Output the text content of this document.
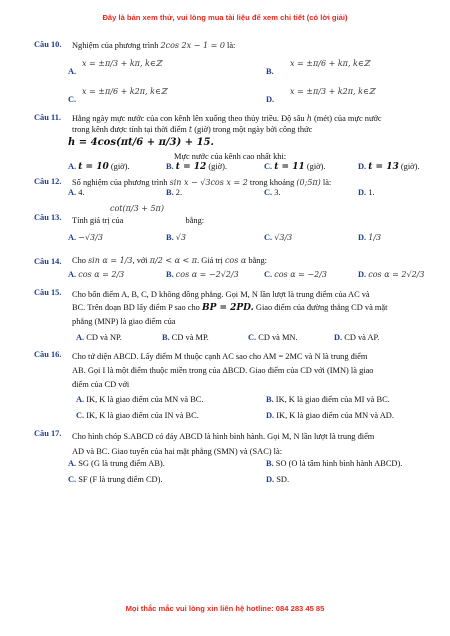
Đây là bản xem thử, vui lòng mua tài liệu để xem chi tiết (có lời giải)
Câu 10. Nghiệm của phương trình 2cos 2x − 1 = 0 là:
A.
x = ±π/3 + kπ, k∈ℤ
B.
x = ±π/6 + kπ, k∈ℤ
C.
x = ±π/6 + k2π, k∈ℤ
D.
x = ±π/3 + k2π, k∈ℤ
Câu 11. Hằng ngày mực nước của con kênh lên xuống theo thủy triều. Độ sâu h (mét) của mực nước
trong kênh được tính tại thời điểm t (giờ) trong một ngày bởi công thức
h = 4cos(πt/6 + π/3) + 15.
Mực nước của kênh cao nhất khi:
A. t = 10 (giờ).	B. t = 12 (giờ).	C. t = 11 (giờ).	D. t = 13 (giờ).
Câu 12. Số nghiệm của phương trình sin x − √3cos x = 2 trong khoảng (0;5π) là:
A. 4.	B. 2.	C. 3.	D. 1.
Câu 13.
cot(π/3 + 5π)
Tính giá trị của	bằng:
A. −√3/3	B. √3	C. √3/3	D. 1/3
Câu 14. Cho sin α = 1/3, với π/2 < α < π. Giá trị cos α bằng:
A. cos α = 2/3	B. cos α = −2√2/3	C. cos α = −2/3	D. cos α = 2√2/3
Câu 15. Cho bốn điểm A, B, C, D không đồng phẳng. Gọi M, N lần lượt là trung điểm của AC và
BC. Trên đoạn BD lấy điểm P sao cho BP = 2PD. Giao điểm của đường thẳng CD và mặt
phẳng (MNP) là giao điểm của
A. CD và NP.	B. CD và MP.	C. CD và MN.	D. CD và AP.
Câu 16. Cho tứ diện ABCD. Lấy điểm M thuộc cạnh AC sao cho AM = 2MC và N là trung điểm
AB. Gọi I là một điểm thuộc miền trong của ΔBCD. Giao điểm của CD với (IMN) là giao
điểm của CD với
A. IK, K là giao điểm của MN và BC.	B. IK, K là giao điểm của MI và BC.
C. IK, K là giao điểm của IN và BC.	D. IK, K là giao điểm của MN và AD.
Câu 17. Cho hình chóp S.ABCD có đáy ABCD là hình bình hành. Gọi M, N lần lượt là trung điểm
AD và BC. Giao tuyến của hai mặt phẳng (SMN) và (SAC) là:
A. SG (G là trung điểm AB).	B. SO (O là tâm hình bình hành ABCD).
C. SF (F là trung điểm CD).	D. SD.
Mọi thắc mắc vui lòng xin liên hệ hotline: 084 283 45 85
